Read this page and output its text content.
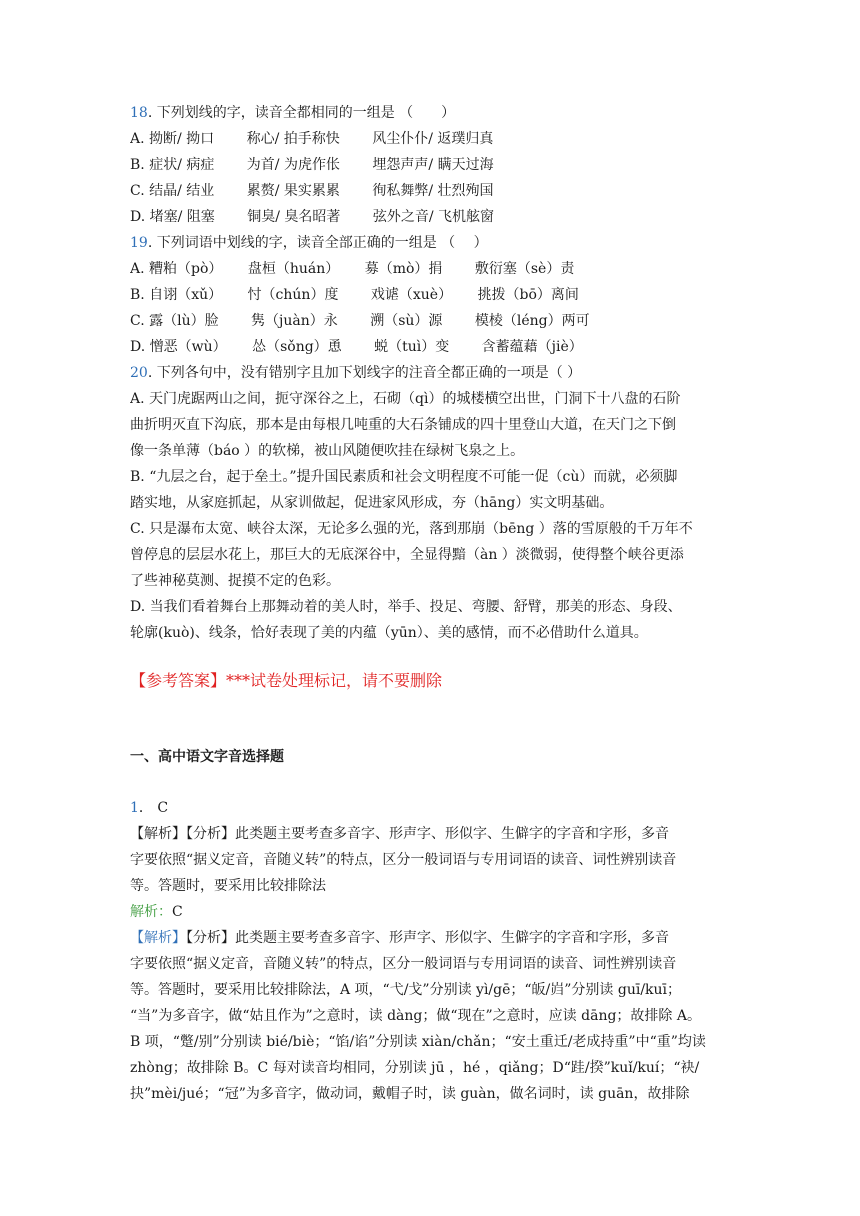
18. 下列划线的字，读音全都相同的一组是 （　　）
A. 拗断/ 拗口　　 称心/ 拍手称快　　 风尘仆仆/ 返璞归真
B. 症状/ 病症　　 为首/ 为虎作伥　　 埋怨声声/ 瞒天过海
C. 结晶/ 结业　　 累赘/ 果实累累　　 徇私舞弊/ 壮烈殉国
D. 堵塞/ 阻塞　　 铜臭/ 臭名昭著　　 弦外之音/ 飞机舷窗
19. 下列词语中划线的字，读音全部正确的一组是 （　 ）
A. 糟粕（pò）　　 盘桓（huán）　　 募（mò）捐　　 敷衍塞（sè）责
B. 自诩（xǔ）　　 忖（chún）度　　 戏谑（xuè）　　 挑拨（bō）离间
C. 露（lù）脸　　 隽（juàn）永　　 溯（sù）源　　 模棱（léng）两可
D. 憎恶（wù）　　 怂（sǒng）恿　　 蜕（tuì）变　　 含蓄蕴藉（jiè）
20. 下列各句中，没有错别字且加下划线字的注音全都正确的一项是（ ）
A. 天门虎踞两山之间，扼守深谷之上，石砌（qì）的城楼横空出世，门洞下十八盘的石阶
曲折明灭直下沟底，那本是由每根几吨重的大石条铺成的四十里登山大道，在天门之下倒
像一条单薄（báo ）的软梯，被山风随便吹挂在绿树飞泉之上。
B. “九层之台，起于垒土。”提升国民素质和社会文明程度不可能一促（cù）而就，必须脚
踏实地，从家庭抓起，从家训做起，促进家风形成，夯（hāng）实文明基础。
C. 只是瀑布太宽、峡谷太深，无论多么强的光，落到那崩（bēng ）落的雪原般的千万年不
曾停息的层层水花上，那巨大的无底深谷中，全显得黯（àn ）淡微弱，使得整个峡谷更添
了些神秘莫测、捉摸不定的色彩。
D. 当我们看着舞台上那舞动着的美人时，举手、投足、弯腰、舒臂，那美的形态、身段、
轮廓(kuò)、线条，恰好表现了美的内蕴（yūn）、美的感情，而不必借助什么道具。
【参考答案】***试卷处理标记，请不要删除
一、高中语文字音选择题
1． C
【解析】【分析】此类题主要考查多音字、形声字、形似字、生僻字的字音和字形，多音
字要依照“据义定音，音随义转”的特点，区分一般词语与专用词语的读音、词性辨别读音
等。答题时，要采用比较排除法
解析：C
【解析】【分析】此类题主要考查多音字、形声字、形似字、生僻字的字音和字形，多音
字要依照“据义定音，音随义转”的特点，区分一般词语与专用词语的读音、词性辨别读音
等。答题时，要采用比较排除法，A 项，“弋/戈”分别读 yì/gē；“皈/岿”分别读 guī/kuī；
“当”为多音字，做“姑且作为”之意时，读 dàng；做“现在”之意时，应读 dāng；故排除 A。
B 项，“蹩/别”分别读 bié/biè；“馅/谄”分别读 xiàn/chǎn；“安土重迁/老成持重”中“重”均读
zhòng；故排除 B。C 每对读音均相同，分别读 jū ，hé ，qiǎng；D“跬/揆”kuǐ/kuí；“袂/
抉”mèi/jué；“冠”为多音字，做动词，戴帽子时，读 guàn，做名词时，读 guān，故排除
